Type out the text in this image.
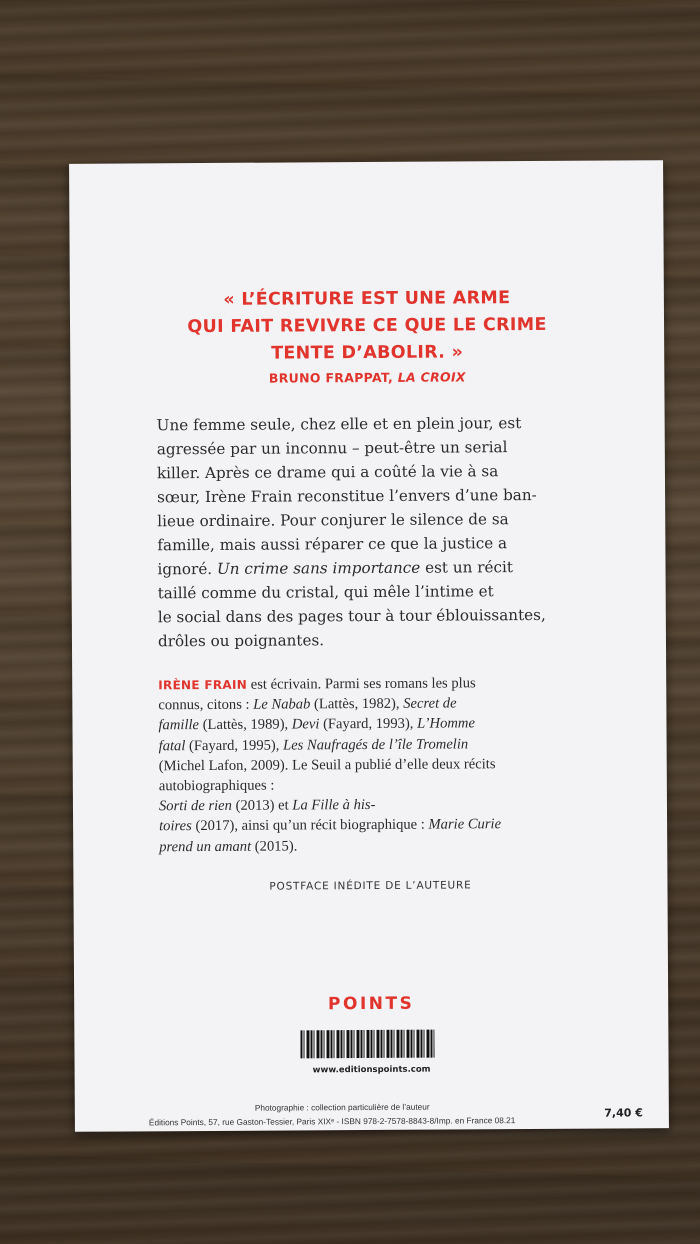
« L’ÉCRITURE EST UNE ARME
QUI FAIT REVIVRE CE QUE LE CRIME
TENTE D’ABOLIR. »
BRUNO FRAPPAT, LA CROIX
Une femme seule, chez elle et en plein jour, est
agressée par un inconnu – peut-être un serial
killer. Après ce drame qui a coûté la vie à sa
sœur, Irène Frain reconstitue l’envers d’une ban-
lieue ordinaire. Pour conjurer le silence de sa
famille, mais aussi réparer ce que la justice a
ignoré. Un crime sans importance est un récit
taillé comme du cristal, qui mêle l’intime et
le social dans des pages tour à tour éblouissantes,
drôles ou poignantes.
IRÈNE FRAIN est écrivain. Parmi ses romans les plus
connus, citons : Le Nabab (Lattès, 1982), Secret de
famille (Lattès, 1989), Devi (Fayard, 1993), L’Homme
fatal (Fayard, 1995), Les Naufragés de l’île Tromelin
(Michel Lafon, 2009). Le Seuil a publié d’elle deux récits
autobiographiques :
Sorti de rien (2013) et La Fille à his-
toires (2017), ainsi qu’un récit biographique : Marie Curie
prend un amant (2015).
POSTFACE INÉDITE DE L’AUTEURE
POINTS
www.editionspoints.com
Photographie : collection particulière de l’auteur
Éditions Points, 57, rue Gaston-Tessier, Paris XIXᵉ - ISBN 978-2-7578-8843-8/Imp. en France 08.21
7,40 €
